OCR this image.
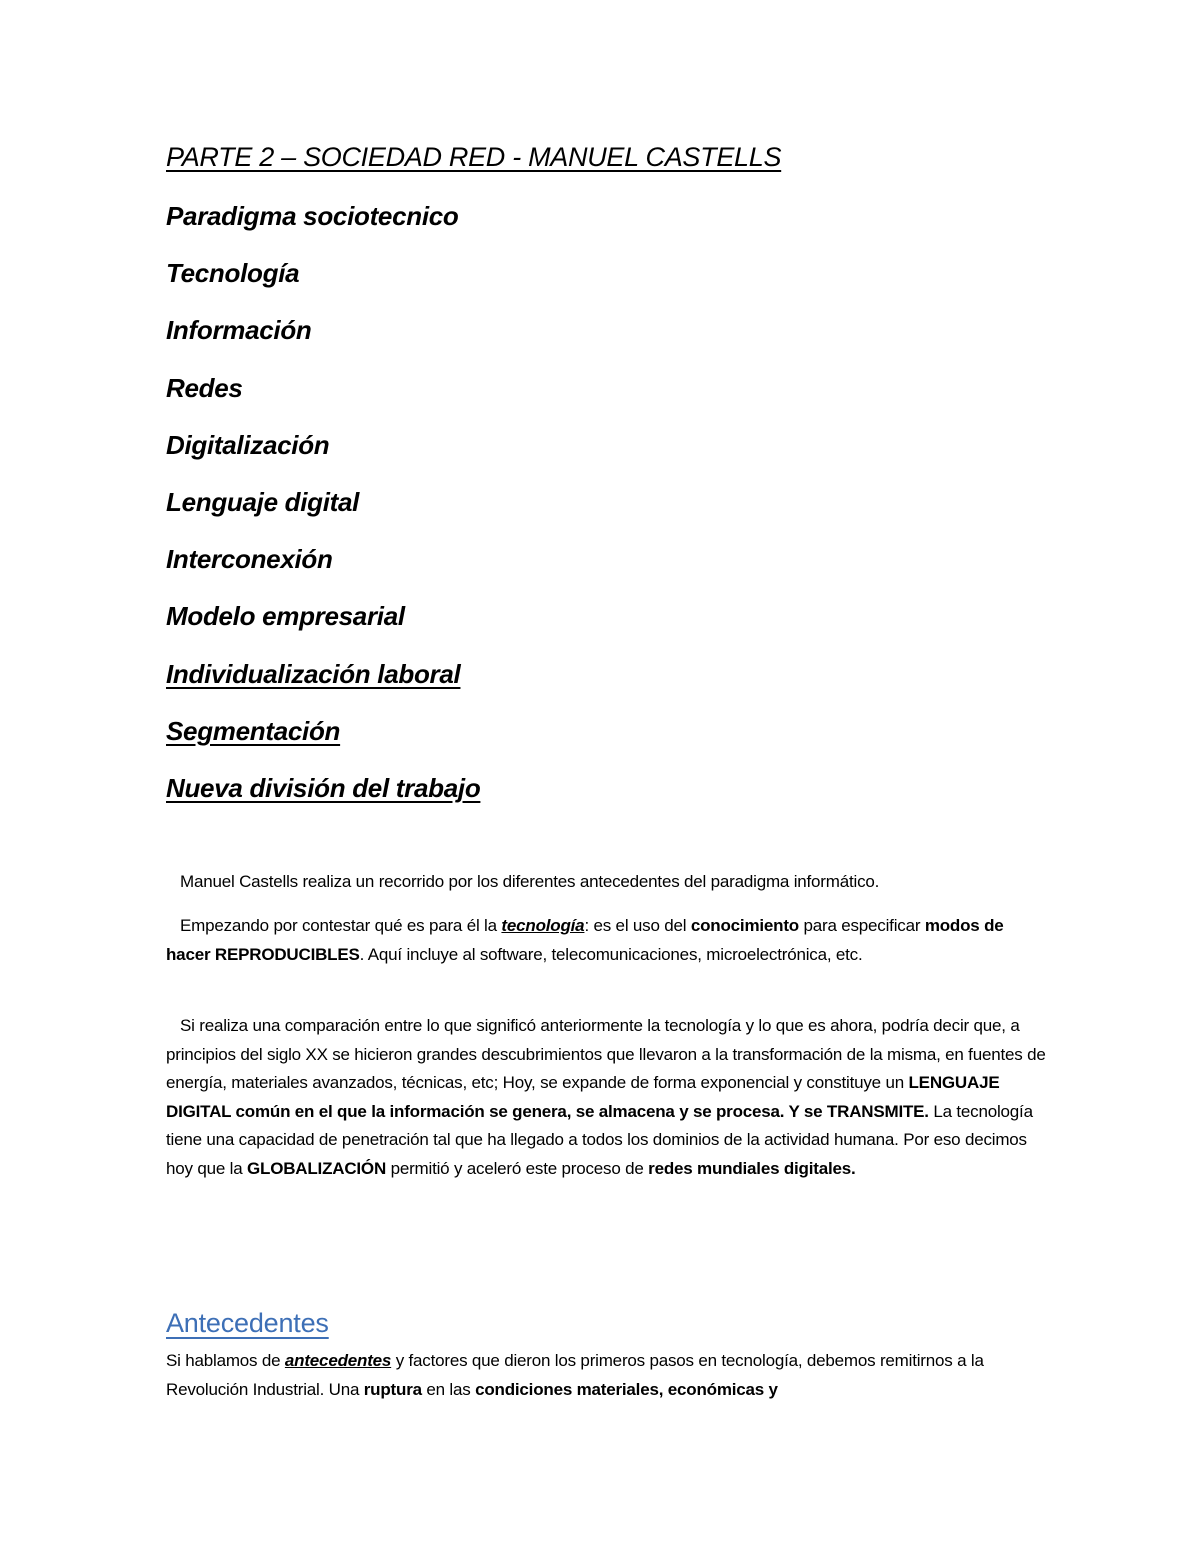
PARTE 2 – SOCIEDAD RED - MANUEL CASTELLS
Paradigma sociotecnico
Tecnología
Información
Redes
Digitalización
Lenguaje digital
Interconexión
Modelo empresarial
Individualización laboral
Segmentación
Nueva división del trabajo

Manuel Castells realiza un recorrido por los diferentes antecedentes del paradigma informático.

Empezando por contestar qué es para él la tecnología: es el uso del conocimiento para especificar modos de hacer REPRODUCIBLES. Aquí incluye al software, telecomunicaciones, microelectrónica, etc.

Si realiza una comparación entre lo que significó anteriormente la tecnología y lo que es ahora, podría decir que, a principios del siglo XX se hicieron grandes descubrimientos que llevaron a la transformación de la misma, en fuentes de energía, materiales avanzados, técnicas, etc; Hoy, se expande de forma exponencial y constituye un LENGUAJE DIGITAL común en el que la información se genera, se almacena y se procesa. Y se TRANSMITE. La tecnología tiene una capacidad de penetración tal que ha llegado a todos los dominios de la actividad humana. Por eso decimos hoy que la GLOBALIZACIÓN permitió y aceleró este proceso de redes mundiales digitales.

Antecedentes

Si hablamos de antecedentes y factores que dieron los primeros pasos en tecnología, debemos remitirnos a la Revolución Industrial. Una ruptura en las condiciones materiales, económicas y
